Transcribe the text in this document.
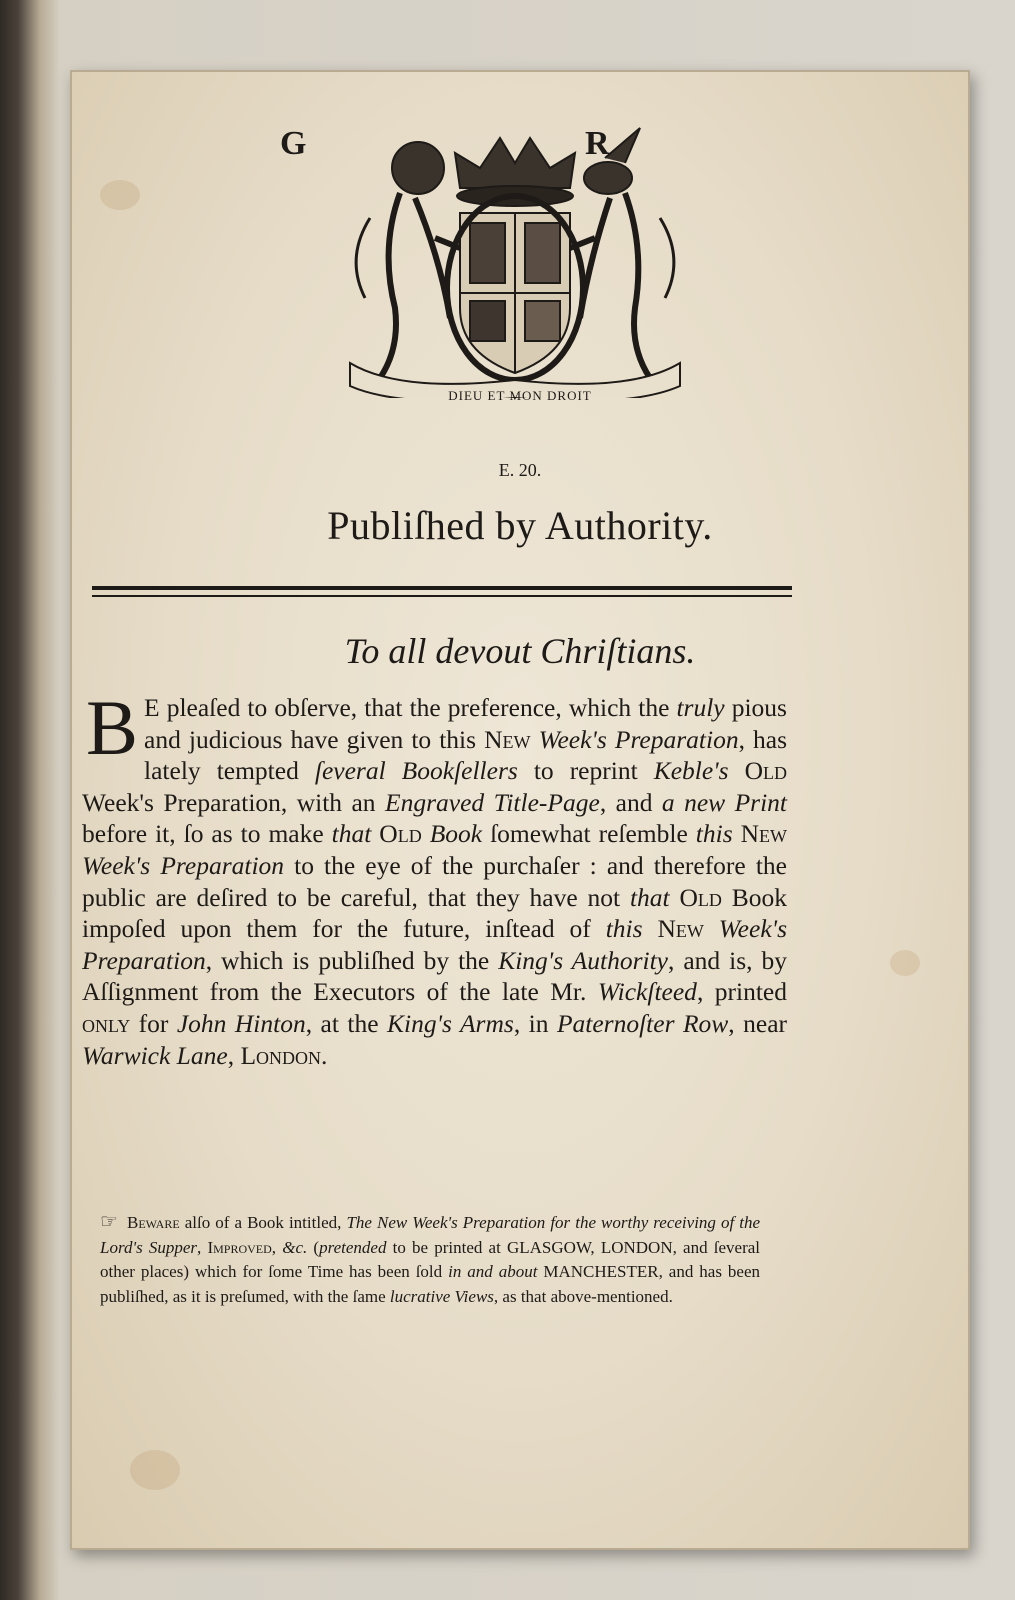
G	R
DIEU ET MON DROIT
E. 20.
Publiſhed by Authority.
To all devout Chriſtians.
B E pleaſed to obſerve, that the preference, which the truly pious and judicious have given to this New Week's Preparation, has lately tempted ſeveral Bookſellers to reprint Keble's Old Week's Preparation, with an Engraved Title-Page, and a new Print before it, ſo as to make that Old Book ſomewhat reſemble this New Week's Preparation to the eye of the purchaſer : and therefore the public are deſired to be careful, that they have not that Old Book impoſed upon them for the future, inſtead of this New Week's Preparation, which is publiſhed by the King's Authority, and is, by Aſſignment from the Executors of the late Mr. Wickſteed, printed only for John Hinton, at the King's Arms, in Paternoſter Row, near Warwick Lane, London.
☞ Beware alſo of a Book intitled, The New Week's Preparation for the worthy receiving of the Lord's Supper, Improved, &c. (pretended to be printed at GLASGOW, LONDON, and ſeveral other places) which for ſome Time has been ſold in and about MANCHESTER, and has been publiſhed, as it is preſumed, with the ſame lucrative Views, as that above-mentioned.
